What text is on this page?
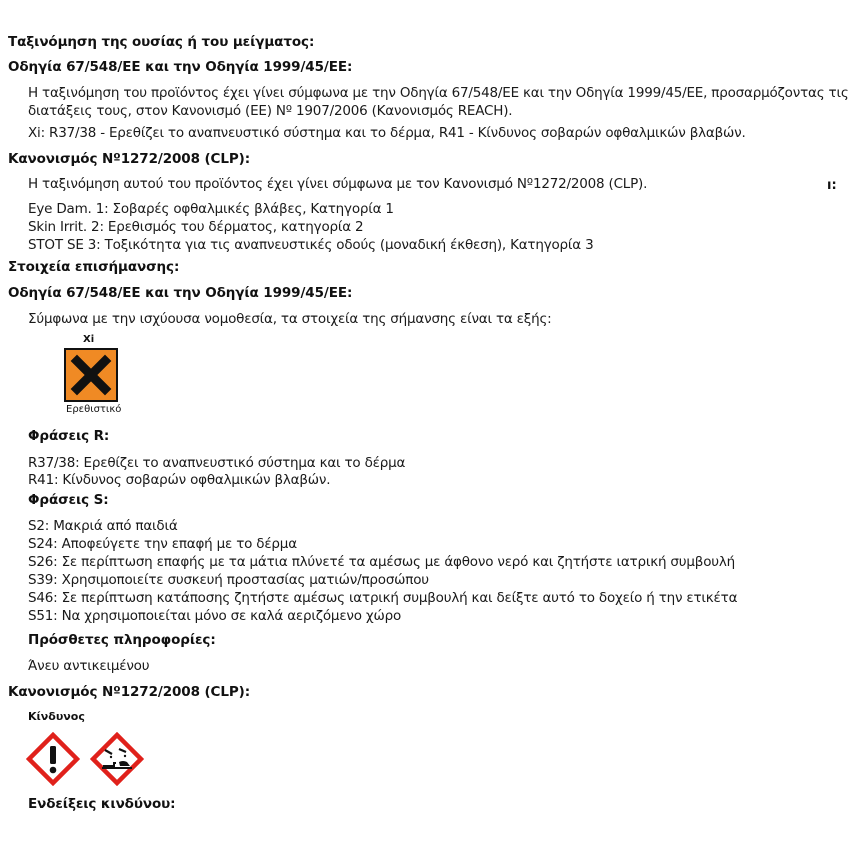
Ταξινόμηση της ουσίας ή του μείγματος:
Οδηγία 67/548/ΕΕ και την Οδηγία 1999/45/ΕΕ:
Η ταξινόμηση του προϊόντος έχει γίνει σύμφωνα με την Οδηγία 67/548/ΕΕ και την Οδηγία 1999/45/ΕΕ, προσαρμόζοντας τις
διατάξεις τους, στον Κανονισμό (ΕΕ) Nº 1907/2006 (Κανονισμός REACH).
Xi: R37/38 - Ερεθίζει το αναπνευστικό σύστημα και το δέρμα, R41 - Κίνδυνος σοβαρών οφθαλμικών βλαβών.
Κανονισμός Nº1272/2008 (CLP):
Η ταξινόμηση αυτού του προϊόντος έχει γίνει σύμφωνα με τον Κανονισμό Nº1272/2008 (CLP).	ı:
Eye Dam. 1: Σοβαρές οφθαλμικές βλάβες, Κατηγορία 1
Skin Irrit. 2: Ερεθισμός του δέρματος, κατηγορία 2
STOT SE 3: Τοξικότητα για τις αναπνευστικές οδούς (μοναδική έκθεση), Κατηγορία 3
Στοιχεία επισήμανσης:
Οδηγία 67/548/ΕΕ και την Οδηγία 1999/45/ΕΕ:
Σύμφωνα με την ισχύουσα νομοθεσία, τα στοιχεία της σήμανσης είναι τα εξής:
Xi
Ερεθιστικό
Φράσεις R:
R37/38: Ερεθίζει το αναπνευστικό σύστημα και το δέρμα
R41: Κίνδυνος σοβαρών οφθαλμικών βλαβών.
Φράσεις S:
S2: Μακριά από παιδιά
S24: Αποφεύγετε την επαφή με το δέρμα
S26: Σε περίπτωση επαφής με τα μάτια πλύνετέ τα αμέσως με άφθονο νερό και ζητήστε ιατρική συμβουλή
S39: Χρησιμοποιείτε συσκευή προστασίας ματιών/προσώπου
S46: Σε περίπτωση κατάποσης ζητήστε αμέσως ιατρική συμβουλή και δείξτε αυτό το δοχείο ή την ετικέτα
S51: Να χρησιμοποιείται μόνο σε καλά αεριζόμενο χώρο
Πρόσθετες πληροφορίες:
Άνευ αντικειμένου
Κανονισμός Nº1272/2008 (CLP):
Κίνδυνος
Ενδείξεις κινδύνου:
